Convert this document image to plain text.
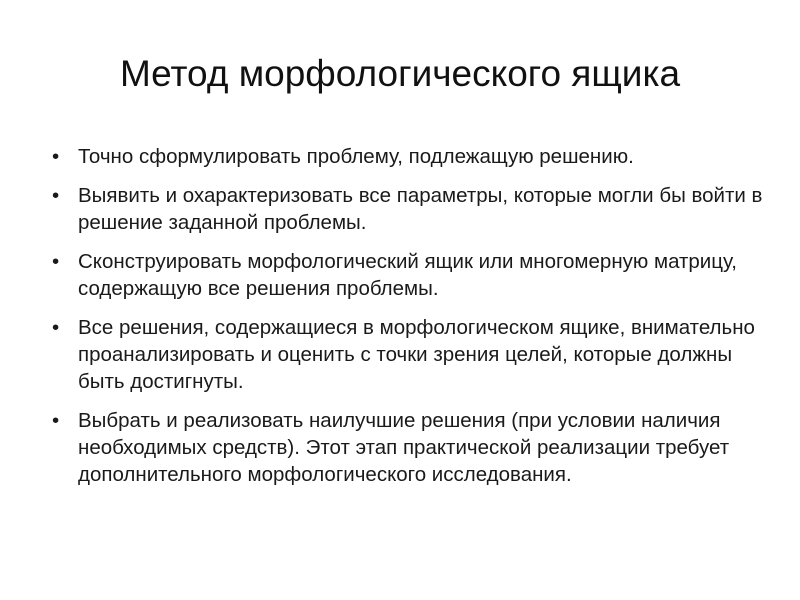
Метод морфологического ящика
• Точно сформулировать проблему, подлежащую решению.
• Выявить и охарактеризовать все параметры, которые могли бы войти в решение заданной проблемы.
• Сконструировать морфологический ящик или многомерную матрицу, содержащую все решения проблемы.
• Все решения, содержащиеся в морфологическом ящике, внимательно проанализировать и оценить с точки зрения целей, которые должны быть достигнуты.
• Выбрать и реализовать наилучшие решения (при условии наличия необходимых средств). Этот этап практической реализации требует дополнительного морфологического исследования.
